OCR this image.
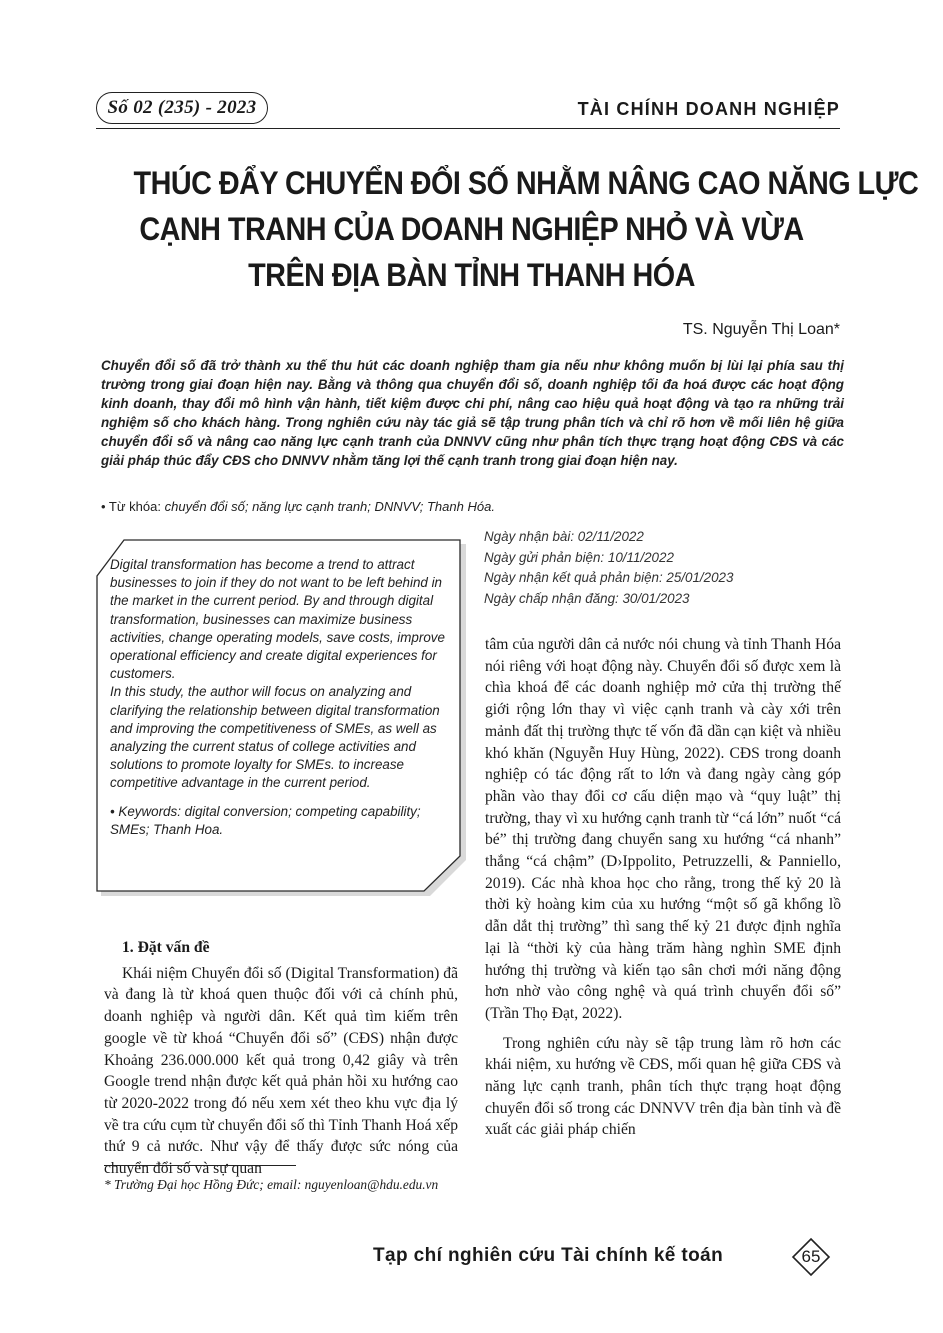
Số 02 (235) - 2023	TÀI CHÍNH DOANH NGHIỆP
THÚC ĐẨY CHUYỂN ĐỔI SỐ NHẰM NÂNG CAO NĂNG LỰC
CẠNH TRANH CỦA DOANH NGHIỆP NHỎ VÀ VỪA
TRÊN ĐỊA BÀN TỈNH THANH HÓA
TS. Nguyễn Thị Loan*
Chuyển đổi số đã trở thành xu thế thu hút các doanh nghiệp tham gia nếu như không muốn bị lùi lại phía sau thị trường trong giai đoạn hiện nay. Bằng và thông qua chuyển đổi số, doanh nghiệp tối đa hoá được các hoạt động kinh doanh, thay đổi mô hình vận hành, tiết kiệm được chi phí, nâng cao hiệu quả hoạt động và tạo ra những trải nghiệm số cho khách hàng. Trong nghiên cứu này tác giả sẽ tập trung phân tích và chỉ rõ hơn về mối liên hệ giữa chuyển đổi số và nâng cao năng lực cạnh tranh của DNNVV cũng như phân tích thực trạng hoạt động CĐS và các giải pháp thúc đẩy CĐS cho DNNVV nhằm tăng lợi thế cạnh tranh trong giai đoạn hiện nay.
• Từ khóa: chuyển đổi số; năng lực cạnh tranh; DNNVV; Thanh Hóa.
Ngày nhận bài: 02/11/2022
Ngày gửi phản biện: 10/11/2022
Ngày nhận kết quả phản biện: 25/01/2023
Ngày chấp nhận đăng: 30/01/2023

Digital transformation has become a trend to attract businesses to join if they do not want to be left behind in the market in the current period. By and through digital transformation, businesses can maximize business activities, change operating models, save costs, improve operational efficiency and create digital experiences for customers.

In this study, the author will focus on analyzing and clarifying the relationship between digital transformation and improving the competitiveness of SMEs, as well as analyzing the current status of college activities and solutions to promote loyalty for SMEs. to increase competitive advantage in the current period.

• Keywords: digital conversion; competing capability; SMEs; Thanh Hoa.

1. Đặt vấn đề

Khái niệm Chuyển đổi số (Digital Transformation) đã và đang là từ khoá quen thuộc đối với cả chính phủ, doanh nghiệp và người dân. Kết quả tìm kiếm trên google về từ khoá “Chuyển đổi số” (CĐS) nhận được Khoảng 236.000.000 kết quả trong 0,42 giây và trên Google trend nhận được kết quả phản hồi xu hướng cao từ 2020-2022 trong đó nếu xem xét theo khu vực địa lý về tra cứu cụm từ chuyển đổi số thì Tỉnh Thanh Hoá xếp thứ 9 cả nước. Như vậy để thấy được sức nóng của chuyển đổi số và sự quan

tâm của người dân cả nước nói chung và tỉnh Thanh Hóa nói riêng với hoạt động này. Chuyển đổi số được xem là chìa khoá để các doanh nghiệp mở cửa thị trường thế giới rộng lớn thay vì việc cạnh tranh và cày xới trên mảnh đất thị trường thực tế vốn đã dần cạn kiệt và nhiều khó khăn (Nguyễn Huy Hùng, 2022). CĐS trong doanh nghiệp có tác động rất to lớn và đang ngày càng góp phần vào thay đổi cơ cấu diện mạo và “quy luật” thị trường, thay vì xu hướng cạnh tranh từ “cá lớn” nuốt “cá bé” thị trường đang chuyển sang xu hướng “cá nhanh” thắng “cá chậm” (D›Ippolito, Petruzzelli, & Panniello, 2019). Các nhà khoa học cho rằng, trong thế kỷ 20 là thời kỳ hoàng kim của xu hướng “một số gã khổng lồ dẫn dắt thị trường” thì sang thế kỷ 21 được định nghĩa lại là “thời kỳ của hàng trăm hàng nghìn SME định hướng thị trường và kiến tạo sân chơi mới năng động hơn nhờ vào công nghệ và quá trình chuyển đổi số” (Trần Thọ Đạt, 2022).

Trong nghiên cứu này sẽ tập trung làm rõ hơn các khái niệm, xu hướng về CĐS, mối quan hệ giữa CĐS và năng lực cạnh tranh, phân tích thực trạng hoạt động chuyển đổi số trong các DNNVV trên địa bàn tỉnh và đề xuất các giải pháp chiến

* Trường Đại học Hồng Đức; email: nguyenloan@hdu.edu.vn
Tạp chí nghiên cứu Tài chính kế toán	65
